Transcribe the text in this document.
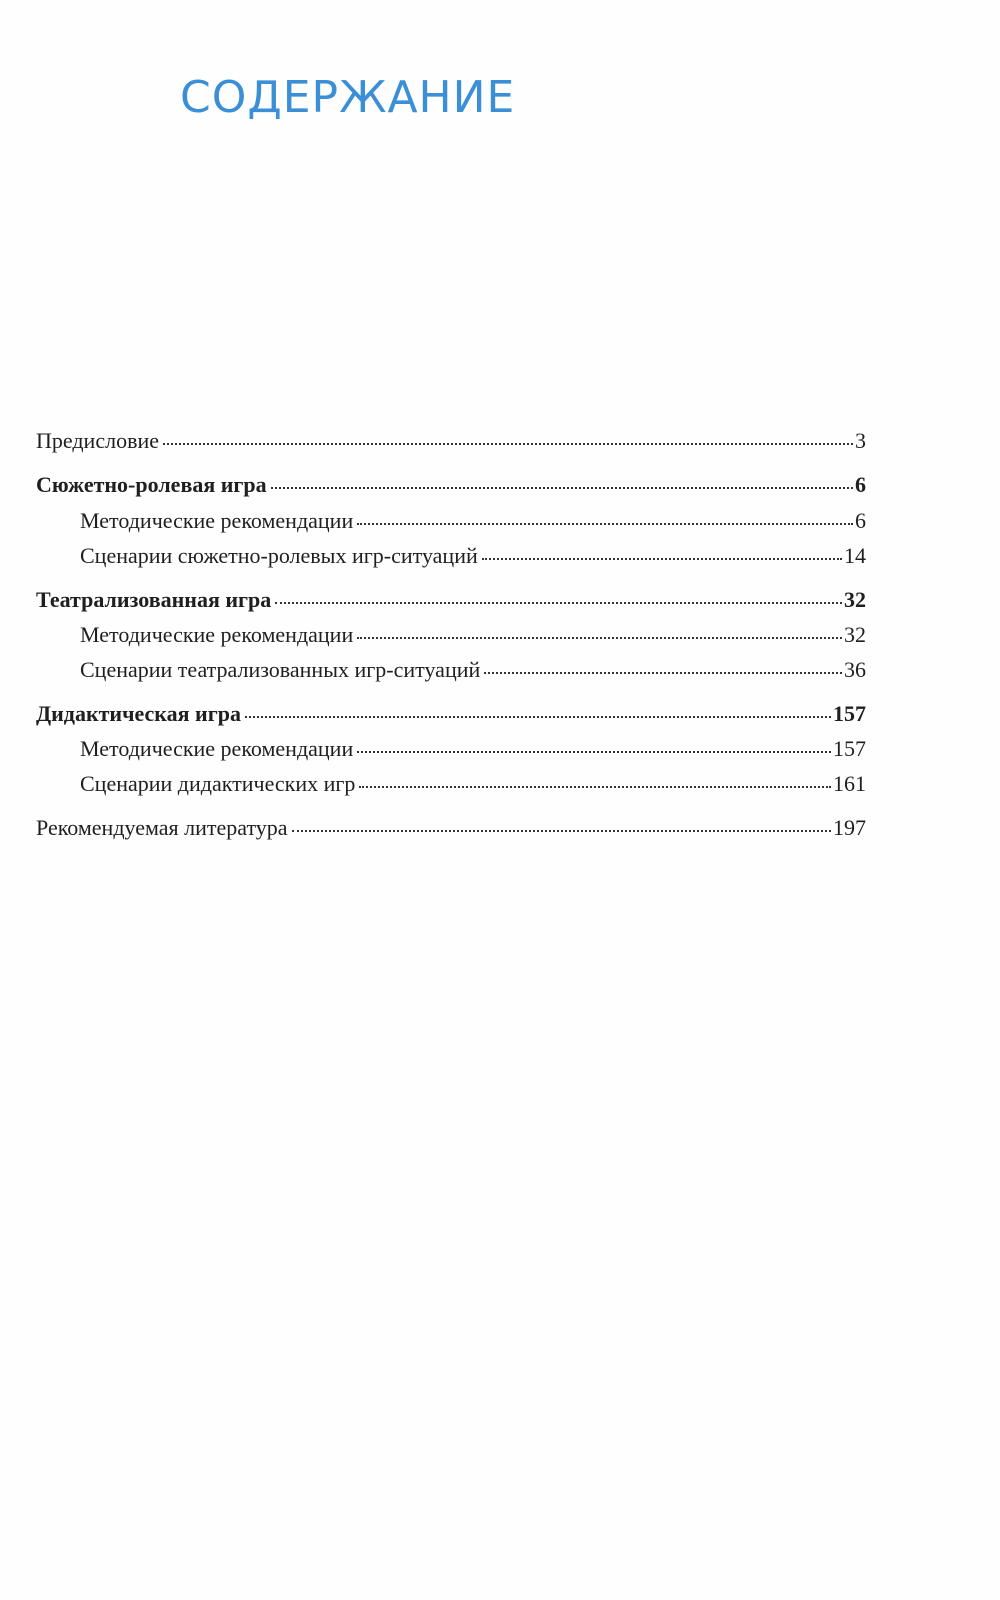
СОДЕРЖАНИЕ
Предисловие	3
Сюжетно-ролевая игра	6
Методические рекомендации	6
Сценарии сюжетно-ролевых игр-ситуаций	14
Театрализованная игра	32
Методические рекомендации	32
Сценарии театрализованных игр-ситуаций	36
Дидактическая игра	157
Методические рекомендации	157
Сценарии дидактических игр	161
Рекомендуемая литература	197
